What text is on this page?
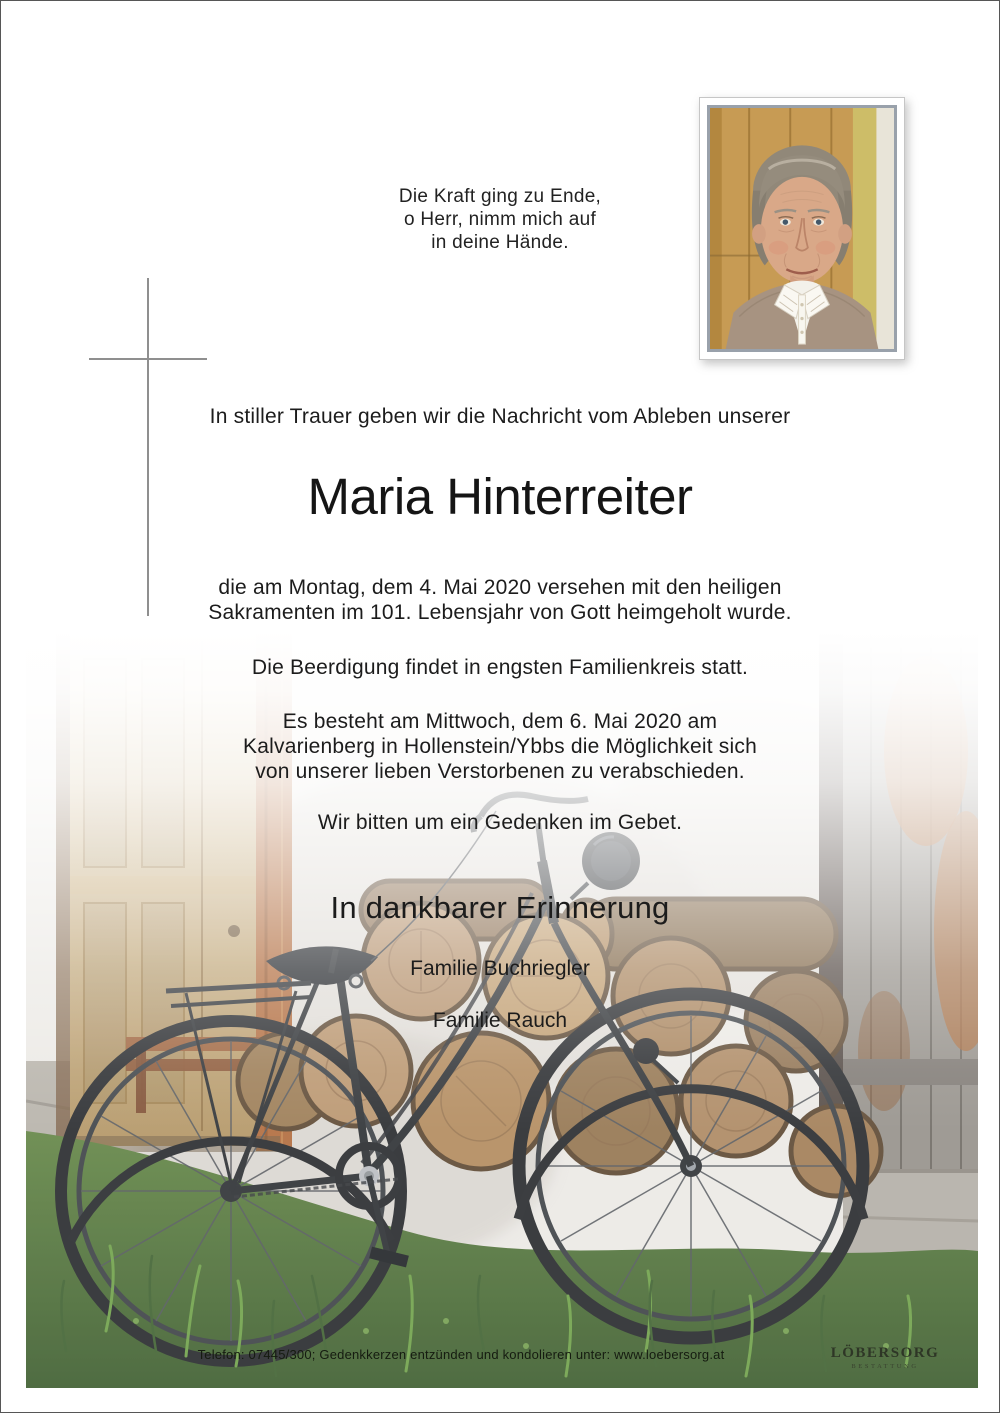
Die Kraft ging zu Ende,
o Herr, nimm mich auf
in deine Hände.
In stiller Trauer geben wir die Nachricht vom Ableben unserer
Maria Hinterreiter
die am Montag, dem 4. Mai 2020 versehen mit den heiligen
Sakramenten im 101. Lebensjahr von Gott heimgeholt wurde.
Die Beerdigung findet in engsten Familienkreis statt.
Es besteht am Mittwoch, dem 6. Mai 2020 am
Kalvarienberg in Hollenstein/Ybbs die Möglichkeit sich
von unserer lieben Verstorbenen zu verabschieden.
Wir bitten um ein Gedenken im Gebet.
In dankbarer Erinnerung
Familie Buchriegler
Familie Rauch
Telefon: 07445/300; Gedenkkerzen entzünden und kondolieren unter: www.loebersorg.at	LÖBERSORG
BESTATTUNG
